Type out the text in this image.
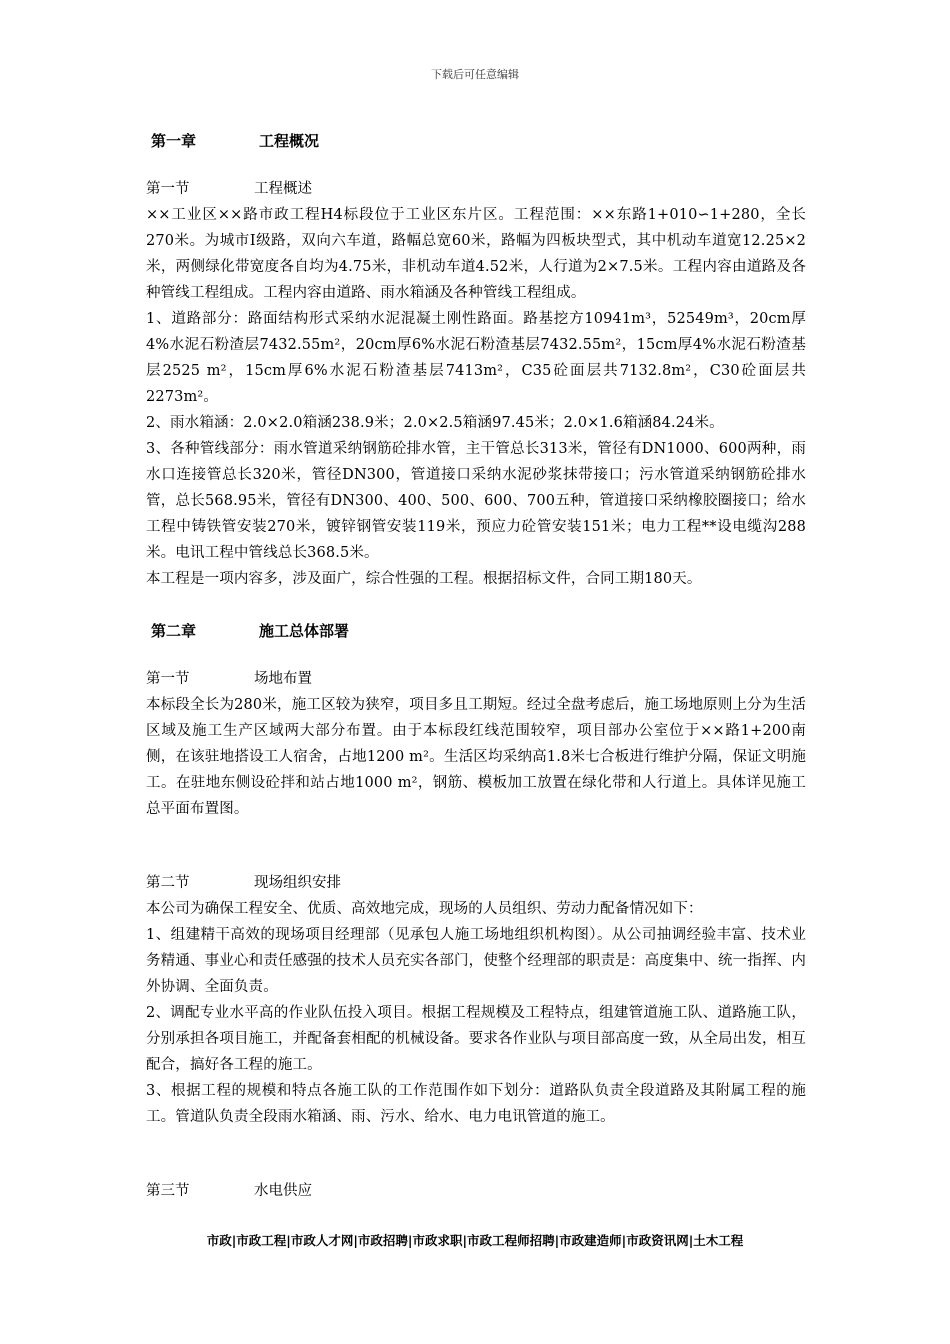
下载后可任意编辑
第一章	工程概况
第一节	工程概述

××工业区××路市政工程H4标段位于工业区东片区。工程范围：××东路1+010∽1+280，全长270米。为城市Ⅰ级路，双向六车道，路幅总宽60米，路幅为四板块型式，其中机动车道宽12.25×2米，两侧绿化带宽度各自均为4.75米，非机动车道4.52米，人行道为2×7.5米。工程内容由道路及各种管线工程组成。工程内容由道路、雨水箱涵及各种管线工程组成。

1、道路部分：路面结构形式采纳水泥混凝土刚性路面。路基挖方10941m³，52549m³，20cm厚4%水泥石粉渣层7432.55m²，20cm厚6%水泥石粉渣基层7432.55m²，15cm厚4%水泥石粉渣基层2525 m²，15cm厚6%水泥石粉渣基层7413m²，C35砼面层共7132.8m²，C30砼面层共2273m²。

2、雨水箱涵：2.0×2.0箱涵238.9米；2.0×2.5箱涵97.45米；2.0×1.6箱涵84.24米。

3、各种管线部分：雨水管道采纳钢筋砼排水管，主干管总长313米，管径有DN1000、600两种，雨水口连接管总长320米，管径DN300，管道接口采纳水泥砂浆抹带接口；污水管道采纳钢筋砼排水管，总长568.95米，管径有DN300、400、500、600、700五种，管道接口采纳橡胶圈接口；给水工程中铸铁管安装270米，镀锌钢管安装119米，预应力砼管安装151米；电力工程**设电缆沟288米。电讯工程中管线总长368.5米。

本工程是一项内容多，涉及面广，综合性强的工程。根据招标文件，合同工期180天。

第二章	施工总体部署
第一节	场地布置

本标段全长为280米，施工区较为狭窄，项目多且工期短。经过全盘考虑后，施工场地原则上分为生活区域及施工生产区域两大部分布置。由于本标段红线范围较窄，项目部办公室位于××路1+200南侧，在该驻地搭设工人宿舍，占地1200 m²。生活区均采纳高1.8米七合板进行维护分隔，保证文明施工。在驻地东侧设砼拌和站占地1000 m²，钢筋、模板加工放置在绿化带和人行道上。具体详见施工总平面布置图。

第二节	现场组织安排

本公司为确保工程安全、优质、高效地完成，现场的人员组织、劳动力配备情况如下：

1、组建精干高效的现场项目经理部（见承包人施工场地组织机构图）。从公司抽调经验丰富、技术业务精通、事业心和责任感强的技术人员充实各部门，使整个经理部的职责是：高度集中、统一指挥、内外协调、全面负责。

2、调配专业水平高的作业队伍投入项目。根据工程规模及工程特点，组建管道施工队、道路施工队，分别承担各项目施工，并配备套相配的机械设备。要求各作业队与项目部高度一致，从全局出发，相互配合，搞好各工程的施工。

3、根据工程的规模和特点各施工队的工作范围作如下划分：道路队负责全段道路及其附属工程的施工。管道队负责全段雨水箱涵、雨、污水、给水、电力电讯管道的施工。

第三节	水电供应
市政|市政工程|市政人才网|市政招聘|市政求职|市政工程师招聘|市政建造师|市政资讯网|土木工程
